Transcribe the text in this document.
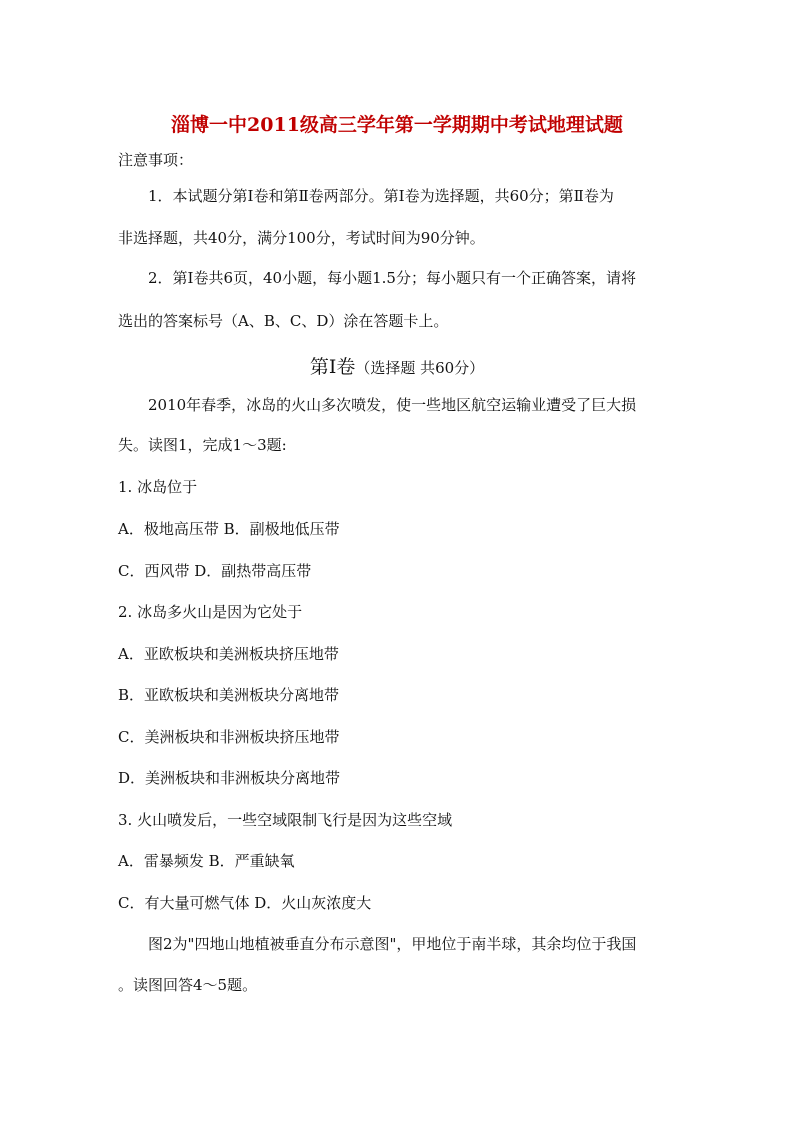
淄博一中2011级高三学年第一学期期中考试地理试题
注意事项：
1．本试题分第Ⅰ卷和第Ⅱ卷两部分。第Ⅰ卷为选择题，共60分；第Ⅱ卷为
非选择题，共40分，满分100分，考试时间为90分钟。
2．第Ⅰ卷共6页，40小题，每小题1.5分；每小题只有一个正确答案，请将
选出的答案标号（A、B、C、D）涂在答题卡上。
第Ⅰ卷（选择题 共60分）
2010年春季，冰岛的火山多次喷发，使一些地区航空运输业遭受了巨大损
失。读图1，完成1～3题:
1. 冰岛位于
A．极地高压带 B．副极地低压带
C．西风带 D．副热带高压带
2. 冰岛多火山是因为它处于
A．亚欧板块和美洲板块挤压地带
B．亚欧板块和美洲板块分离地带
C．美洲板块和非洲板块挤压地带
D．美洲板块和非洲板块分离地带
3. 火山喷发后，一些空域限制飞行是因为这些空域
A．雷暴频发 B．严重缺氧
C．有大量可燃气体 D．火山灰浓度大
图2为"四地山地植被垂直分布示意图"，甲地位于南半球，其余均位于我国
。读图回答4～5题。
